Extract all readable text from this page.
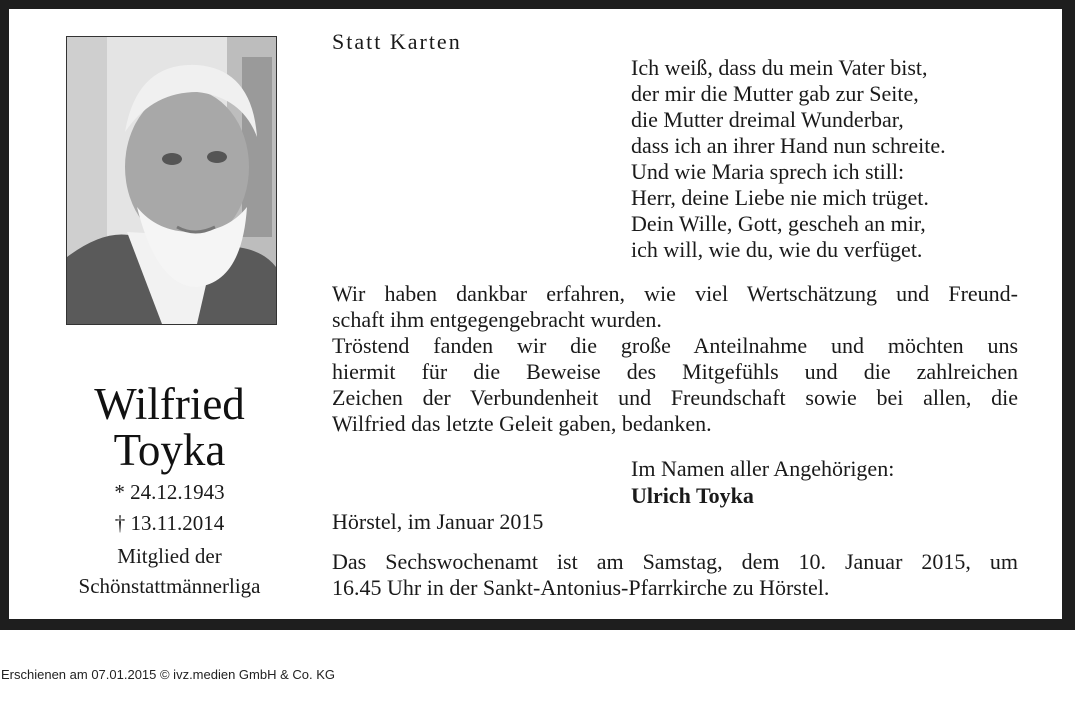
Wilfried
Toyka
* 24.12.1943
† 13.11.2014
Mitglied der
Schönstattmännerliga
Statt Karten
Ich weiß, dass du mein Vater bist,
der mir die Mutter gab zur Seite,
die Mutter dreimal Wunderbar,
dass ich an ihrer Hand nun schreite.
Und wie Maria sprech ich still:
Herr, deine Liebe nie mich trüget.
Dein Wille, Gott, gescheh an mir,
ich will, wie du, wie du verfüget.
Wir haben dankbar erfahren, wie viel Wertschätzung und Freund-
schaft ihm entgegengebracht wurden.
Tröstend fanden wir die große Anteilnahme und möchten uns
hiermit für die Beweise des Mitgefühls und die zahlreichen
Zeichen der Verbundenheit und Freundschaft sowie bei allen, die
Wilfried das letzte Geleit gaben, bedanken.
Im Namen aller Angehörigen:
Ulrich Toyka
Hörstel, im Januar 2015
Das Sechswochenamt ist am Samstag, dem 10. Januar 2015, um
16.45 Uhr in der Sankt-Antonius-Pfarrkirche zu Hörstel.
Erschienen am 07.01.2015 © ivz.medien GmbH & Co. KG
